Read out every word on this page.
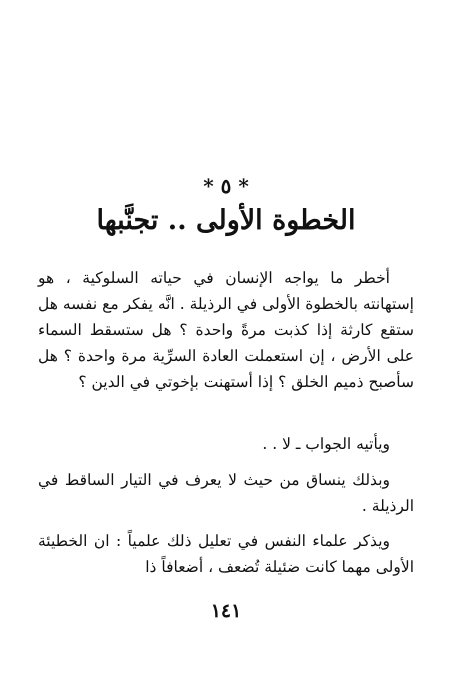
* ٥ *
الخطوة الأولى .. تجنَّبها

أخطر ما يواجه الإنسان في حياته السلوكية ، هو إستهانته بالخطوة الأولى في الرذيلة . انَّه يفكر مع نفسه هل ستقع كارثة إذا كذبت مرةً واحدة ؟ هل ستسقط السماء على الأرض ، إن استعملت العادة السرِّية مرة واحدة ؟ هل سأصبح ذميم الخلق ؟ إذا أستهنت بإخوتي في الدين ؟

ويأتيه الجواب ـ لا . .

وبذلك ينساق من حيث لا يعرف في التيار الساقط في الرذيلة .

ويذكر علماء النفس في تعليل ذلك علمياً : ان الخطيئة الأولى مهما كانت ضئيلة تُضعف ، أضعافاً ذا

١٤١
